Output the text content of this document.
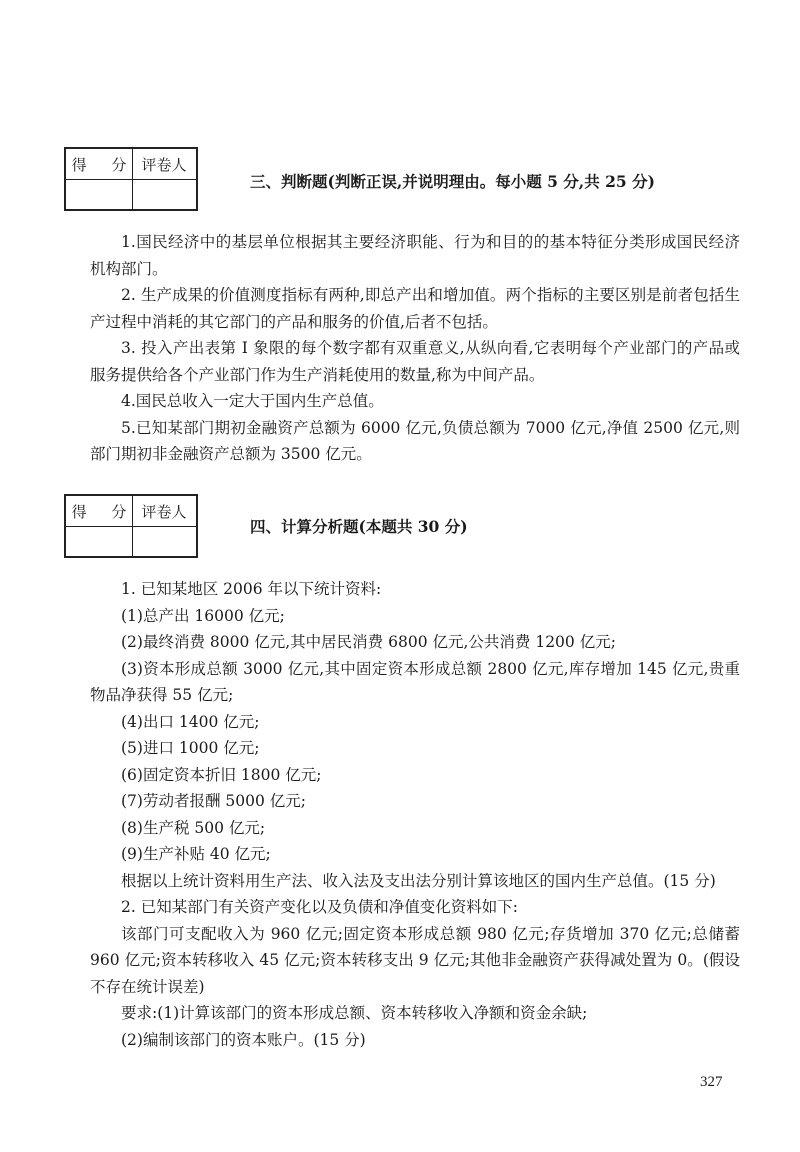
得 分 评卷人
三、判断题(判断正误,并说明理由。每小题 5 分,共 25 分)

1.国民经济中的基层单位根据其主要经济职能、行为和目的的基本特征分类形成国民经济机构部门。

2. 生产成果的价值测度指标有两种,即总产出和增加值。两个指标的主要区别是前者包括生产过程中消耗的其它部门的产品和服务的价值,后者不包括。

3. 投入产出表第 I 象限的每个数字都有双重意义,从纵向看,它表明每个产业部门的产品或服务提供给各个产业部门作为生产消耗使用的数量,称为中间产品。

4.国民总收入一定大于国内生产总值。

5.已知某部门期初金融资产总额为 6000 亿元,负债总额为 7000 亿元,净值 2500 亿元,则部门期初非金融资产总额为 3500 亿元。

得 分 评卷人
四、计算分析题(本题共 30 分)

1. 已知某地区 2006 年以下统计资料:

(1)总产出 16000 亿元;

(2)最终消费 8000 亿元,其中居民消费 6800 亿元,公共消费 1200 亿元;

(3)资本形成总额 3000 亿元,其中固定资本形成总额 2800 亿元,库存增加 145 亿元,贵重物品净获得 55 亿元;

(4)出口 1400 亿元;

(5)进口 1000 亿元;

(6)固定资本折旧 1800 亿元;

(7)劳动者报酬 5000 亿元;

(8)生产税 500 亿元;

(9)生产补贴 40 亿元;

根据以上统计资料用生产法、收入法及支出法分别计算该地区的国内生产总值。(15 分)

2. 已知某部门有关资产变化以及负债和净值变化资料如下:

该部门可支配收入为 960 亿元;固定资本形成总额 980 亿元;存货增加 370 亿元;总储蓄 960 亿元;资本转移收入 45 亿元;资本转移支出 9 亿元;其他非金融资产获得减处置为 0。(假设不存在统计误差)

要求:(1)计算该部门的资本形成总额、资本转移收入净额和资金余缺;

(2)编制该部门的资本账户。(15 分)

327
